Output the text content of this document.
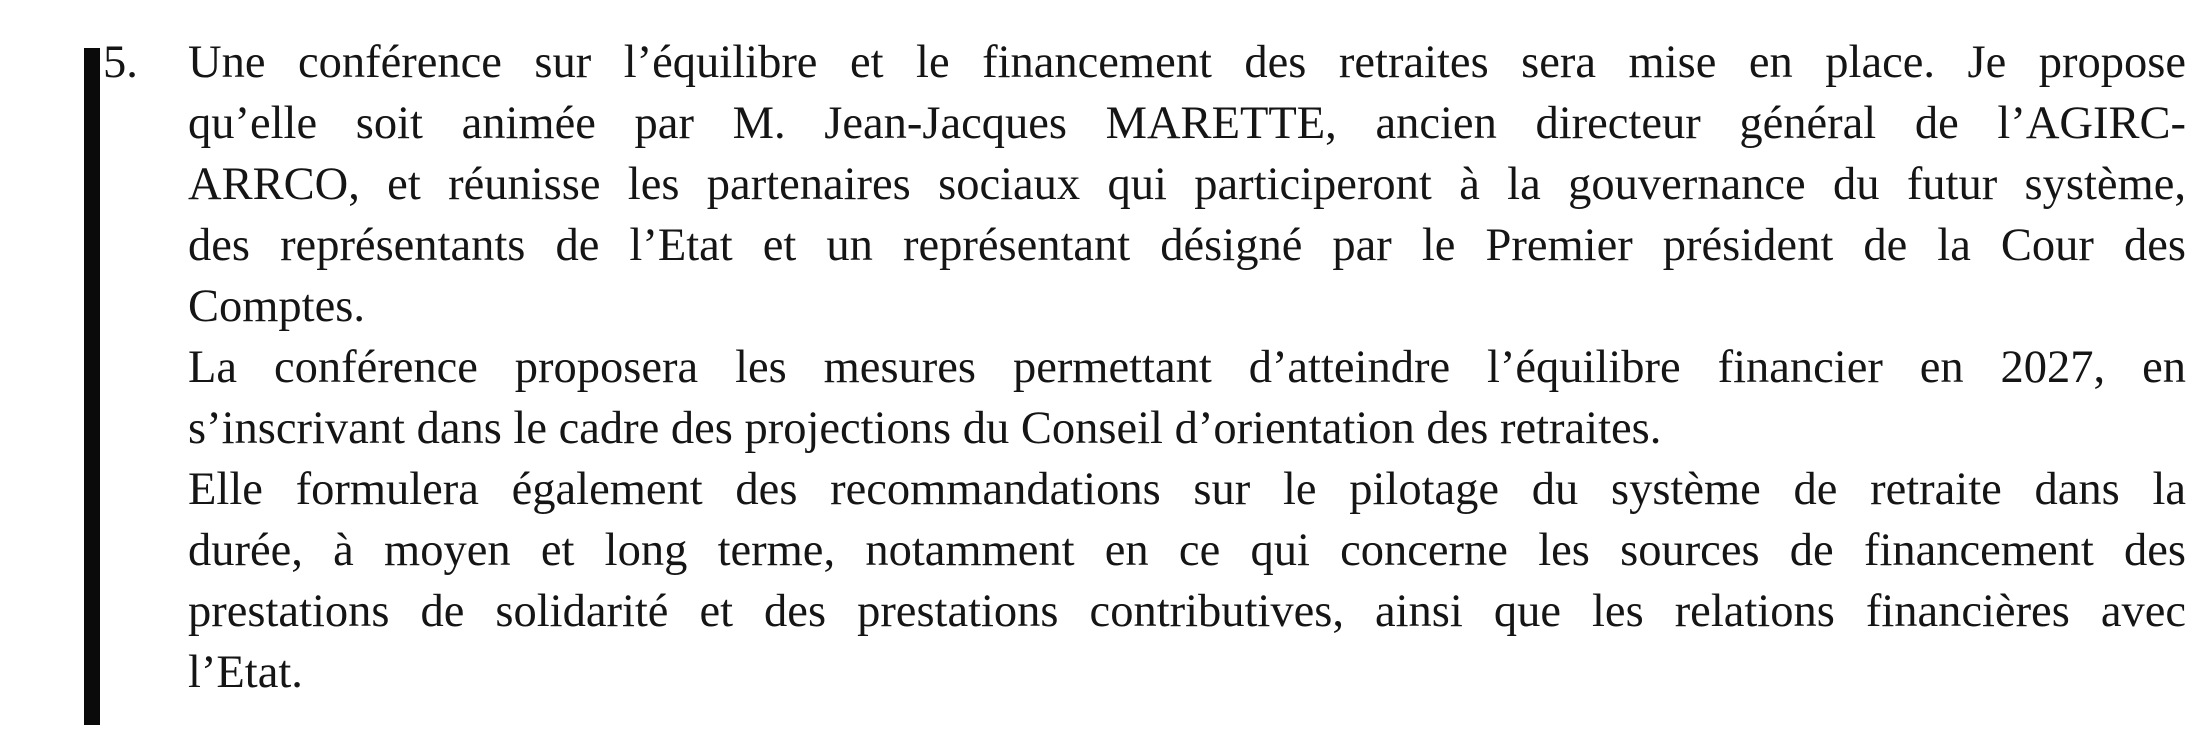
5. Une conférence sur l’équilibre et le financement des retraites sera mise en place. Je propose
qu’elle soit animée par M. Jean-Jacques MARETTE, ancien directeur général de l’AGIRC-
ARRCO, et réunisse les partenaires sociaux qui participeront à la gouvernance du futur système,
des représentants de l’Etat et un représentant désigné par le Premier président de la Cour des
Comptes.

La conférence proposera les mesures permettant d’atteindre l’équilibre financier en 2027, en
s’inscrivant dans le cadre des projections du Conseil d’orientation des retraites.

Elle formulera également des recommandations sur le pilotage du système de retraite dans la
durée, à moyen et long terme, notamment en ce qui concerne les sources de financement des
prestations de solidarité et des prestations contributives, ainsi que les relations financières avec
l’Etat.
